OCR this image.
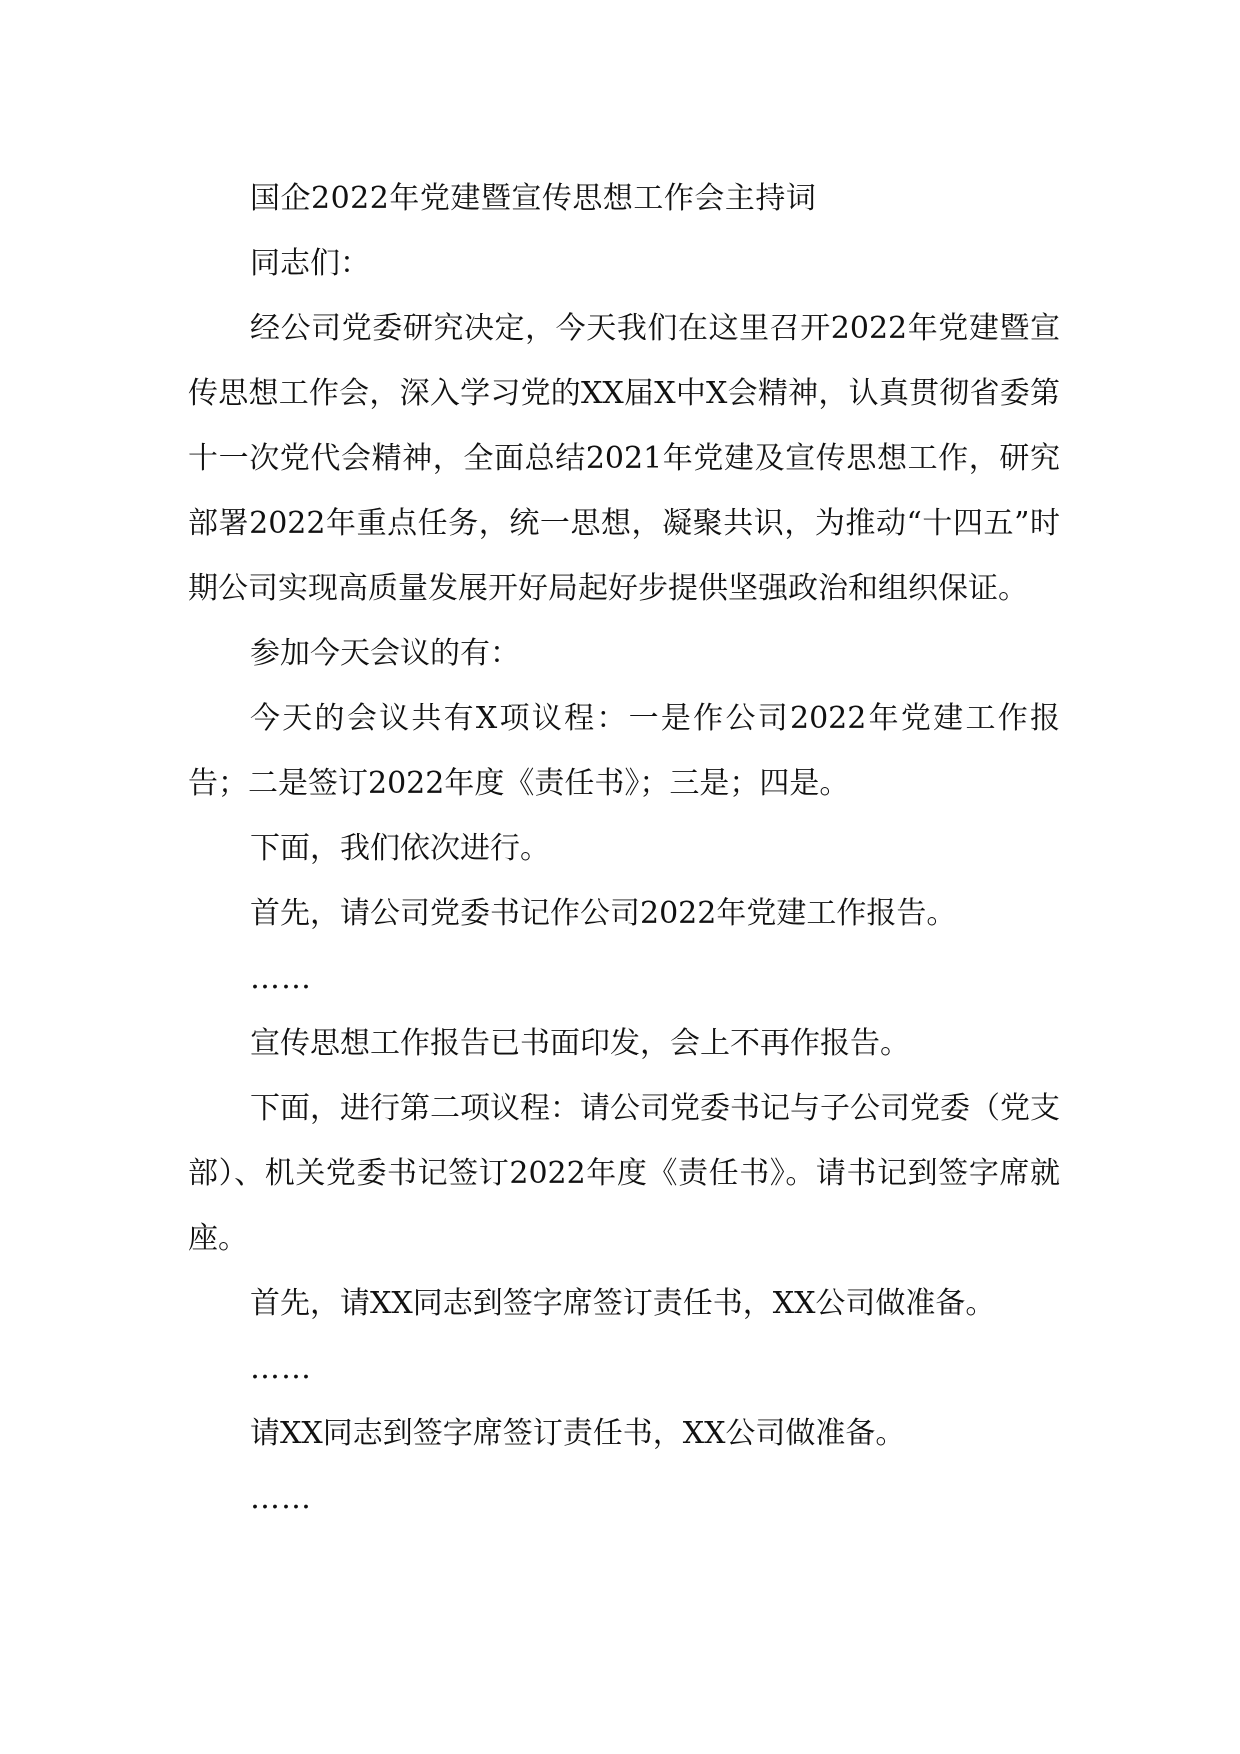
国企2022年党建暨宣传思想工作会主持词

同志们：

经公司党委研究决定，今天我们在这里召开2022年党建暨宣传思想工作会，深入学习党的XX届X中X会精神，认真贯彻省委第十一次党代会精神，全面总结2021年党建及宣传思想工作，研究部署2022年重点任务，统一思想，凝聚共识，为推动“十四五”时期公司实现高质量发展开好局起好步提供坚强政治和组织保证。

参加今天会议的有：

今天的会议共有X项议程：一是作公司2022年党建工作报告；二是签订2022年度《责任书》；三是；四是。

下面，我们依次进行。

首先，请公司党委书记作公司2022年党建工作报告。

……

宣传思想工作报告已书面印发，会上不再作报告。

下面，进行第二项议程：请公司党委书记与子公司党委（党支部）、机关党委书记签订2022年度《责任书》。请书记到签字席就座。

首先，请XX同志到签字席签订责任书，XX公司做准备。

……

请XX同志到签字席签订责任书，XX公司做准备。

……
